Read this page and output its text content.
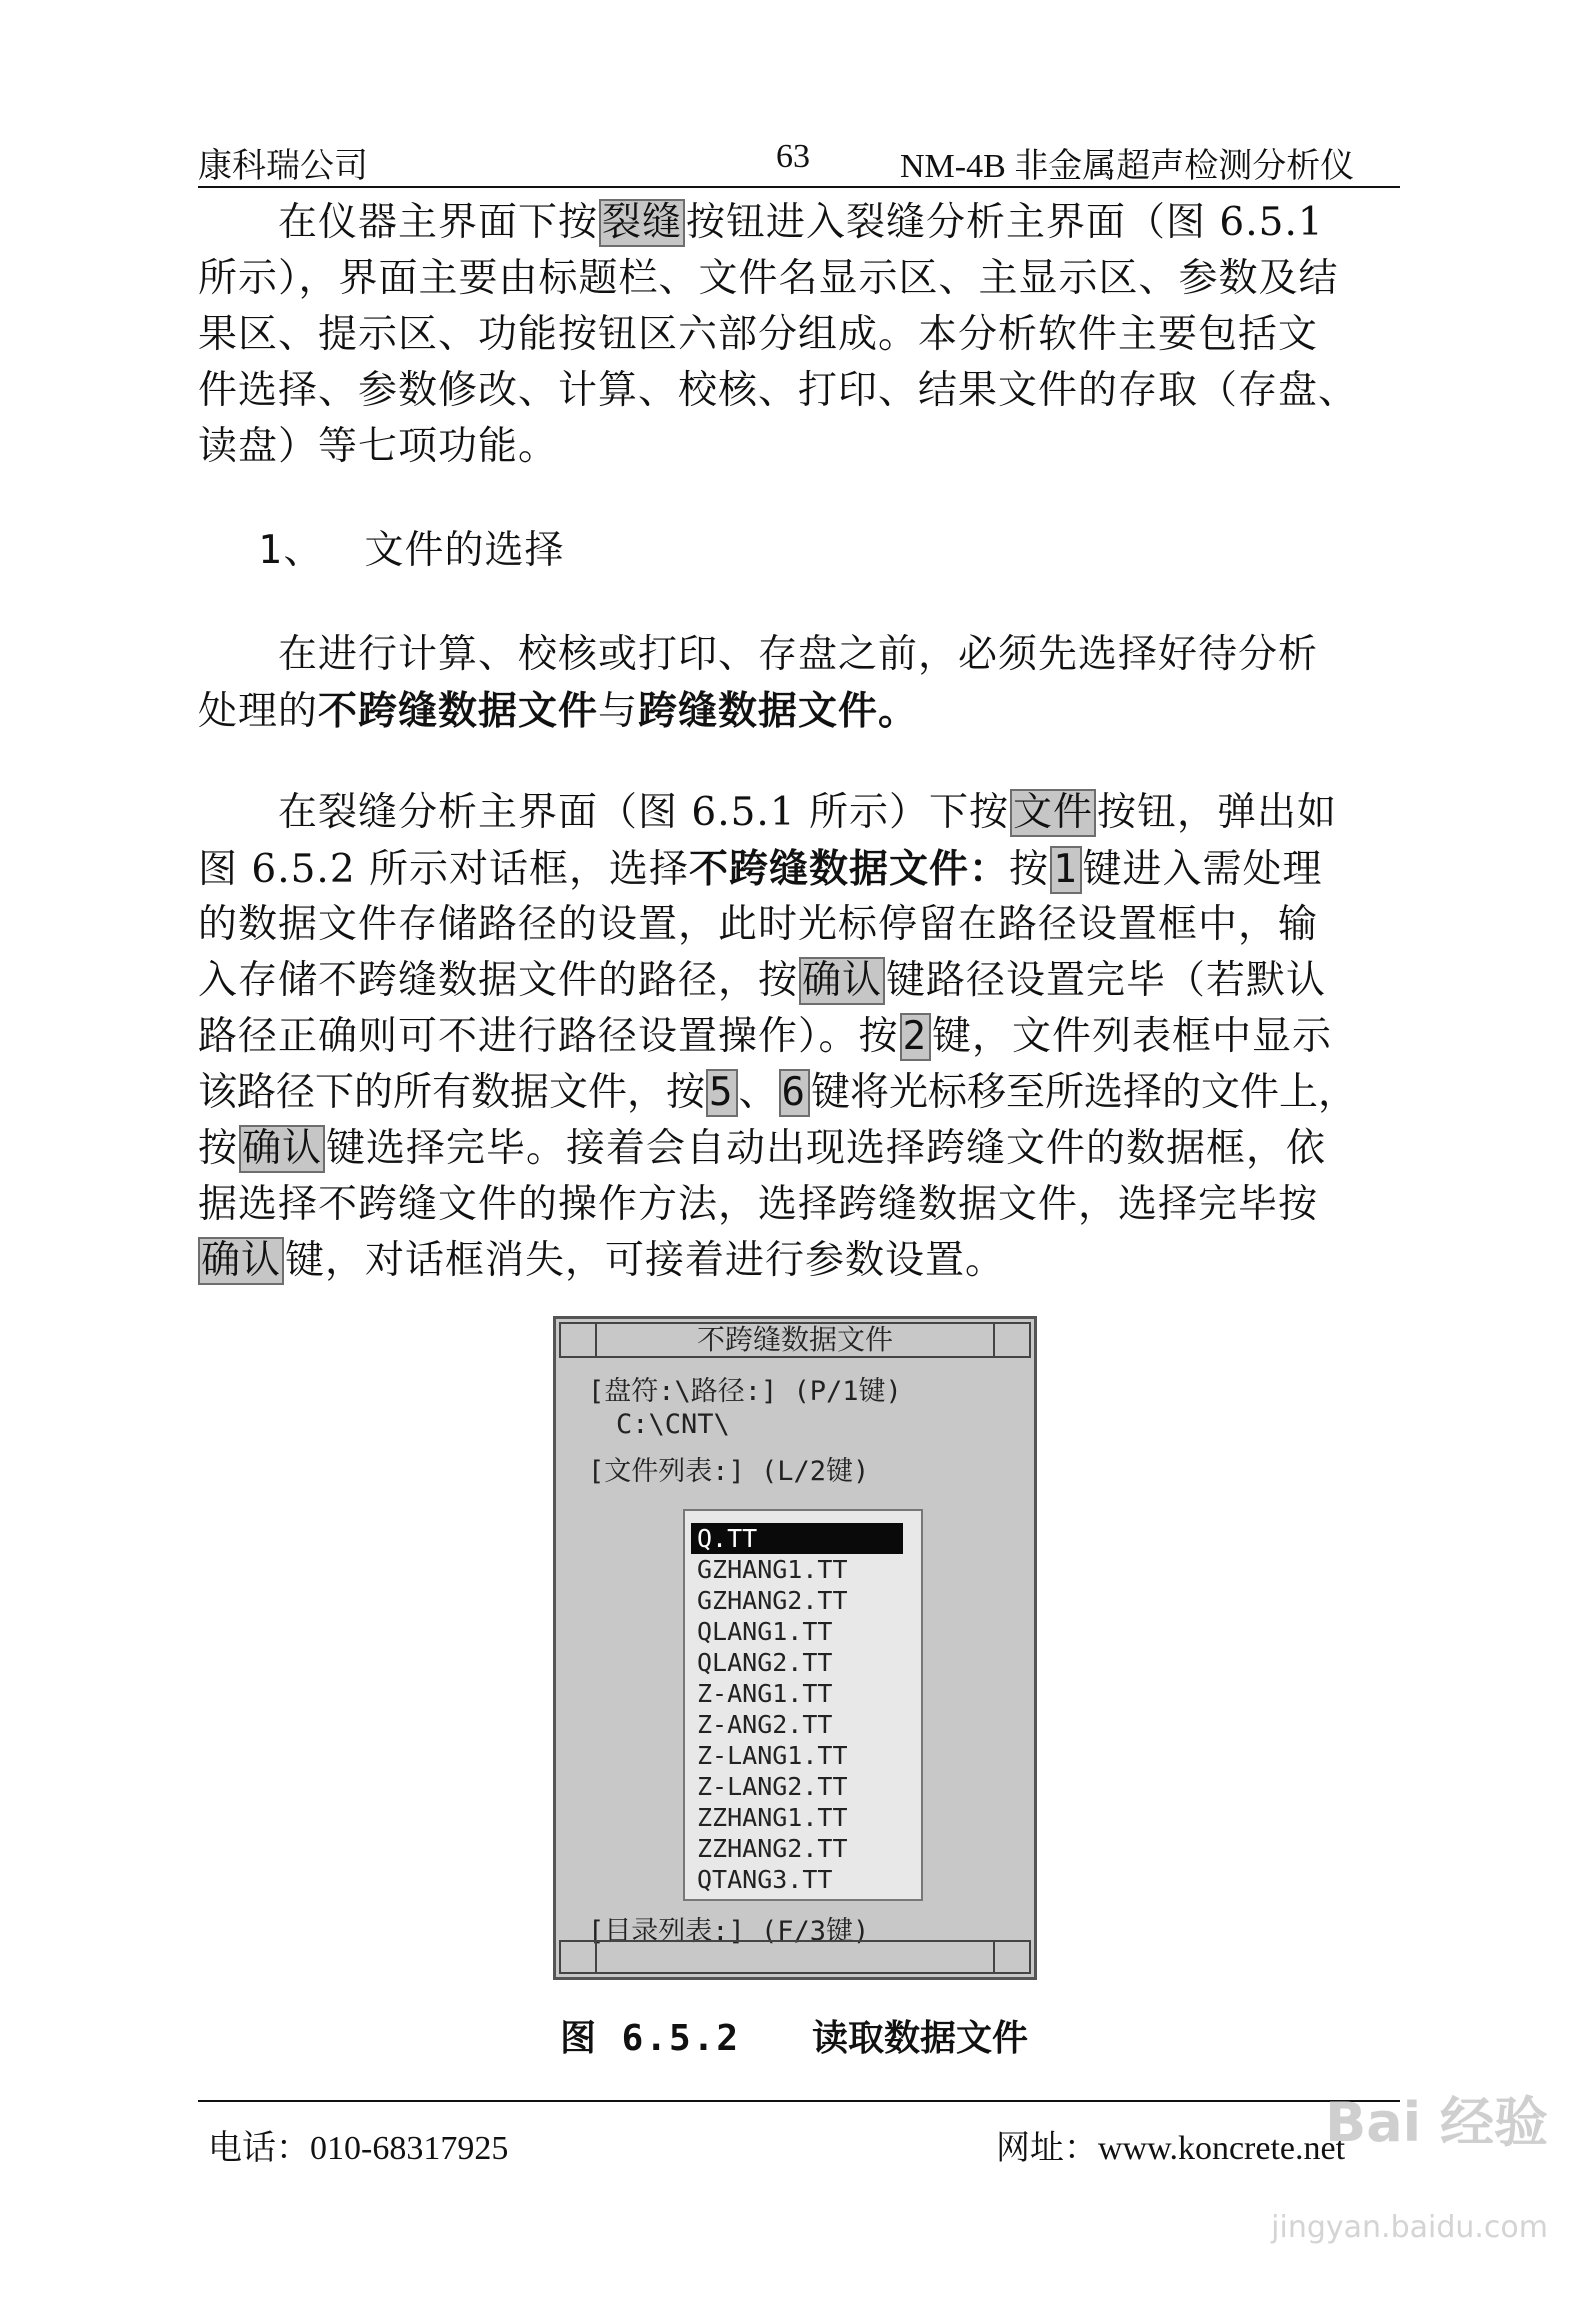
康科瑞公司	63	NM-4B 非金属超声检测分析仪
在仪器主界面下按 裂缝 按钮进入裂缝分析主界面（图 6.5.1
所示），界面主要由标题栏、文件名显示区、主显示区、参数及结
果区、提示区、功能按钮区六部分组成。本分析软件主要包括文
件选择、参数修改、计算、校核、打印、结果文件的存取（存盘、
读盘）等七项功能。
1、 文件的选择
在进行计算、校核或打印、存盘之前，必须先选择好待分析
处理的不跨缝数据文件与跨缝数据文件。
在裂缝分析主界面（图 6.5.1 所示）下按 文件 按钮，弹出如
图 6.5.2 所示对话框，选择不跨缝数据文件：按 1 键进入需处理
的数据文件存储路径的设置，此时光标停留在路径设置框中，输
入存储不跨缝数据文件的路径，按 确认 键路径设置完毕（若默认
路径正确则可不进行路径设置操作）。按 2 键，文件列表框中显示
该路径下的所有数据文件，按 5 、 6 键将光标移至所选择的文件上，
按 确认 键选择完毕。接着会自动出现选择跨缝文件的数据框，依
据选择不跨缝文件的操作方法，选择跨缝数据文件，选择完毕按
确认 键，对话框消失，可接着进行参数设置。
不跨缝数据文件
[盘符:\路径:] (P/1键)
C:\CNT\
[文件列表:] (L/2键)
Q.TT
GZHANG1.TT
GZHANG2.TT
QLANG1.TT
QLANG2.TT
Z-ANG1.TT
Z-ANG2.TT
Z-LANG1.TT
Z-LANG2.TT
ZZHANG1.TT
ZZHANG2.TT
QTANG3.TT
[目录列表:] (F/3键)
图 6.5.2 读取数据文件
电话：010-68317925	网址：www.koncrete.net
Bai 经验
jingyan.baidu.com
